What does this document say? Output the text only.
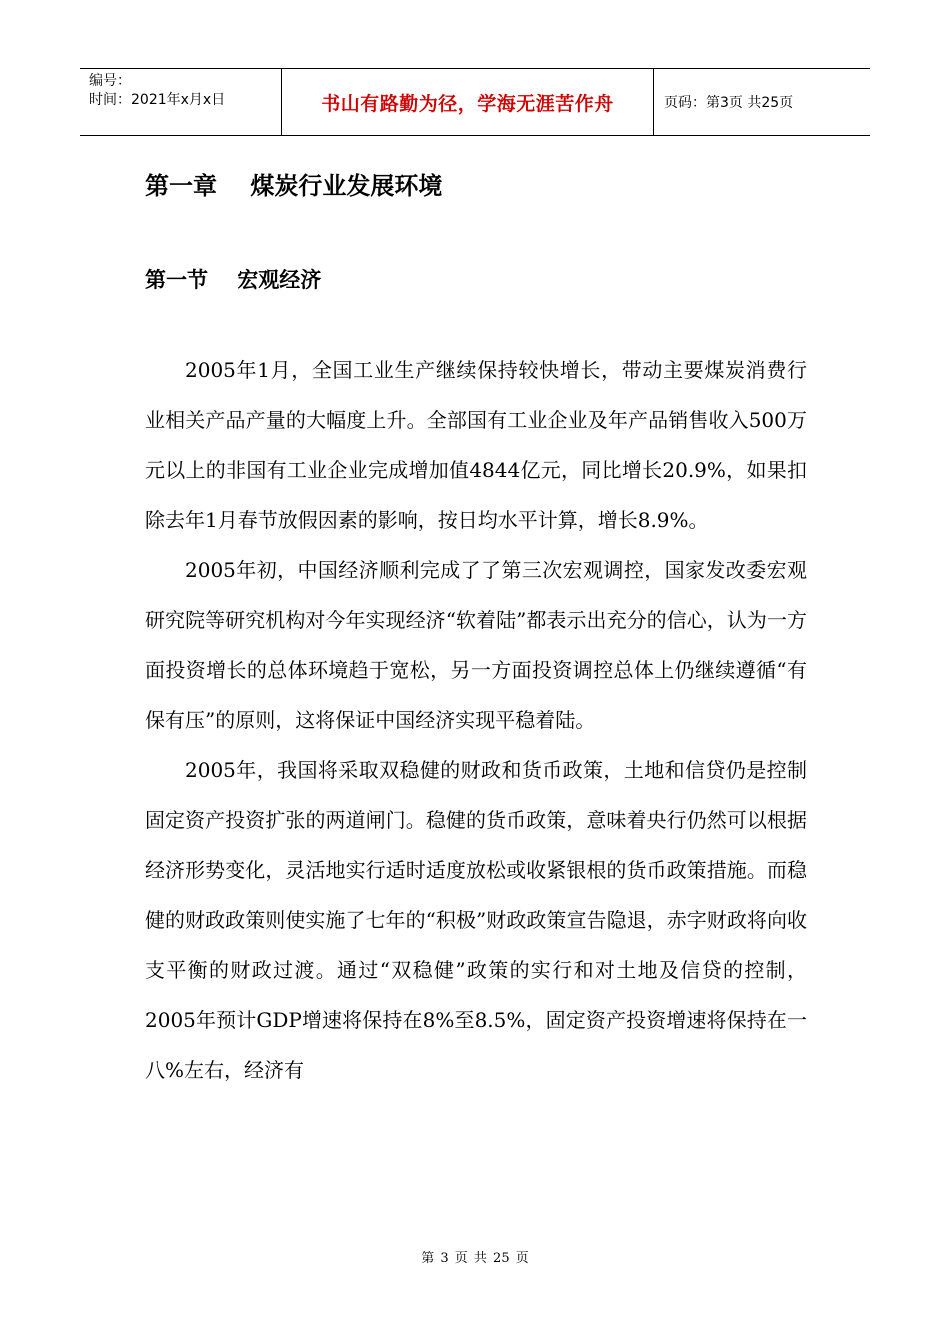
编号：
时间：2021年x月x日	书山有路勤为径，学海无涯苦作舟	页码：第3页 共25页
第一章    煤炭行业发展环境
第一节    宏观经济

2005年1月，全国工业生产继续保持较快增长，带动主要煤炭消费行业相关产品产量的大幅度上升。全部国有工业企业及年产品销售收入500万元以上的非国有工业企业完成增加值4844亿元，同比增长20.9%，如果扣除去年1月春节放假因素的影响，按日均水平计算，增长8.9%。

2005年初，中国经济顺利完成了了第三次宏观调控，国家发改委宏观研究院等研究机构对今年实现经济“软着陆”都表示出充分的信心，认为一方面投资增长的总体环境趋于宽松，另一方面投资调控总体上仍继续遵循“有保有压”的原则，这将保证中国经济实现平稳着陆。

2005年，我国将采取双稳健的财政和货币政策，土地和信贷仍是控制固定资产投资扩张的两道闸门。稳健的货币政策，意味着央行仍然可以根据经济形势变化，灵活地实行适时适度放松或收紧银根的货币政策措施。而稳健的财政政策则使实施了七年的“积极”财政政策宣告隐退，赤字财政将向收支平衡的财政过渡。通过“双稳健”政策的实行和对土地及信贷的控制，2005年预计GDP增速将保持在8%至8.5%，固定资产投资增速将保持在一八%左右，经济有

第 3 页 共 25 页
